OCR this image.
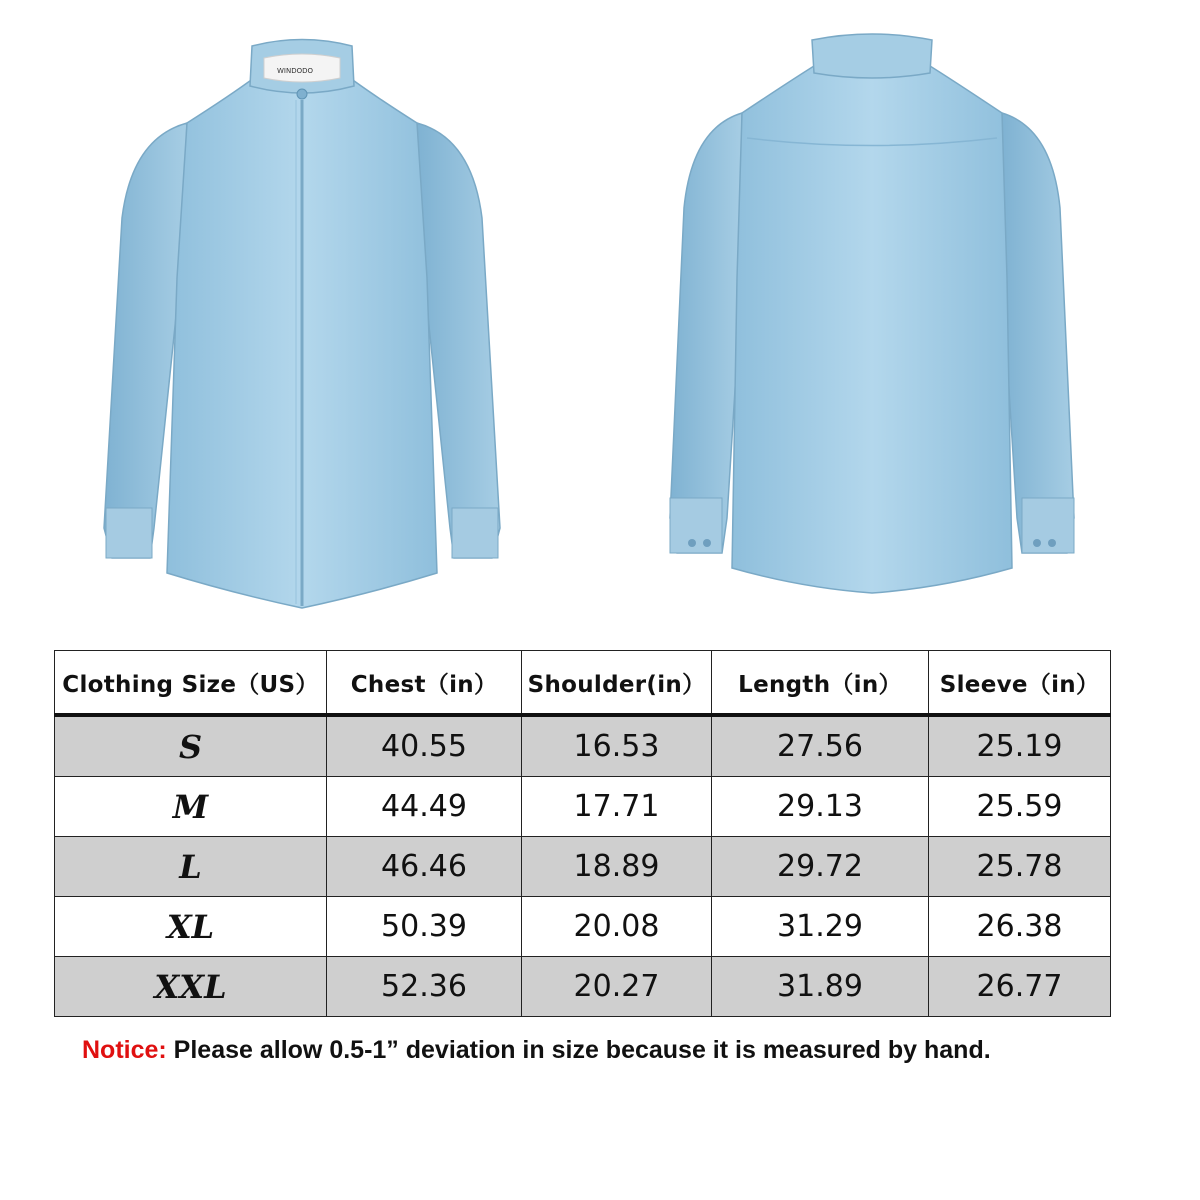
WINDODO
Clothing Size（US）	Chest（in）	Shoulder(in）	Length（in）	Sleeve（in）
S	40.55	16.53	27.56	25.19
M	44.49	17.71	29.13	25.59
L	46.46	18.89	29.72	25.78
XL	50.39	20.08	31.29	26.38
XXL	52.36	20.27	31.89	26.77
Notice: Please allow 0.5-1” deviation in size because it is measured by hand.
